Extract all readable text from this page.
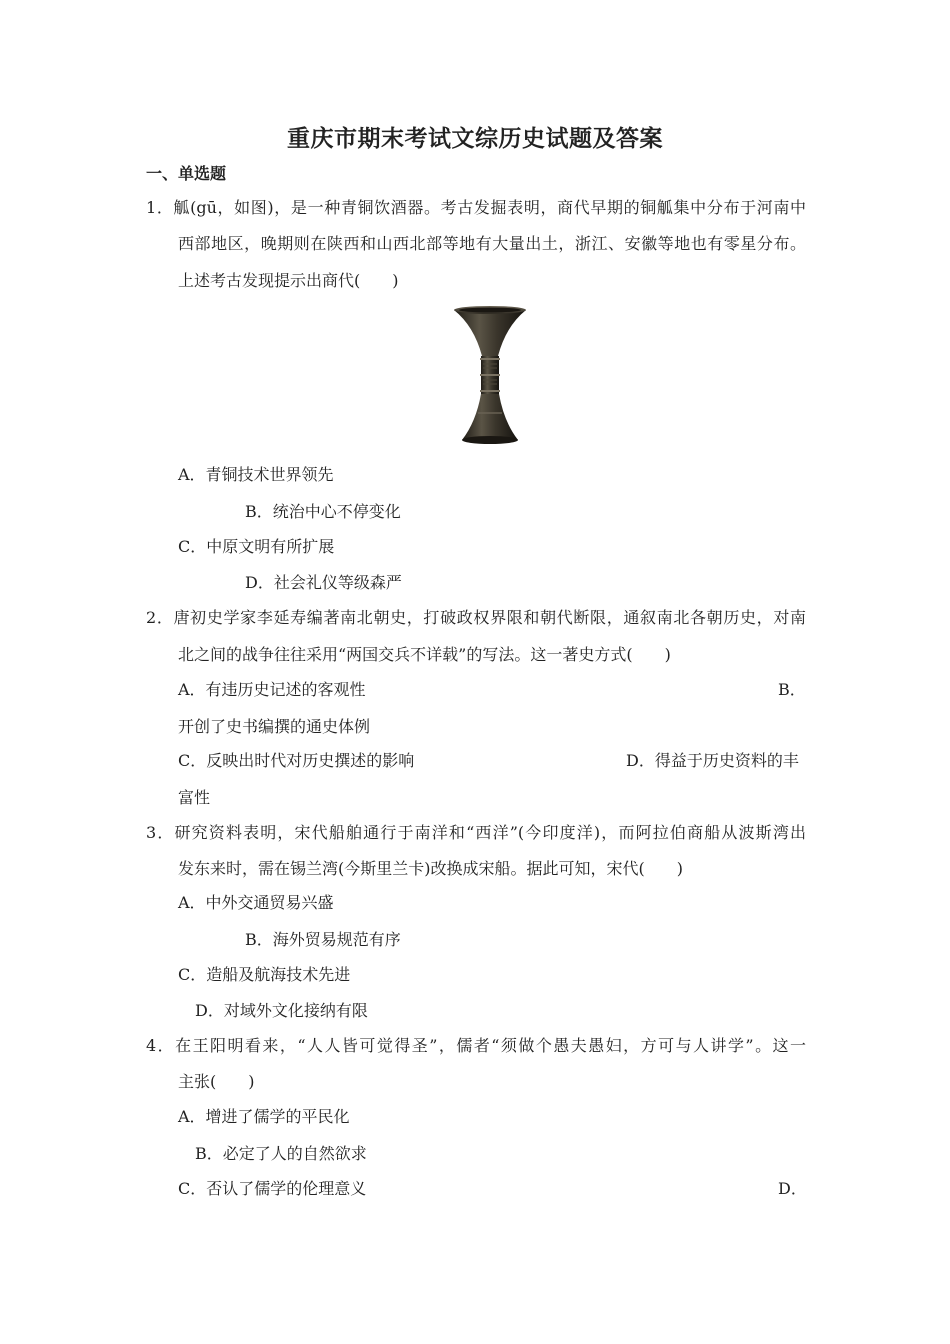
重庆市期末考试文综历史试题及答案
一、单选题
1．觚(gū，如图)，是一种青铜饮酒器。考古发掘表明，商代早期的铜觚集中分布于河南中
西部地区，晚期则在陕西和山西北部等地有大量出土，浙江、安徽等地也有零星分布。
上述考古发现提示出商代(　　)
A．青铜技术世界领先
B．统治中心不停变化
C．中原文明有所扩展
D．社会礼仪等级森严
2．唐初史学家李延寿编著南北朝史，打破政权界限和朝代断限，通叙南北各朝历史，对南
北之间的战争往往采用“两国交兵不详载”的写法。这一著史方式(　　)
A．有违历史记述的客观性	B．
开创了史书编撰的通史体例
C．反映出时代对历史撰述的影响	D．得益于历史资料的丰
富性
3．研究资料表明，宋代船舶通行于南洋和“西洋”(今印度洋)，而阿拉伯商船从波斯湾出
发东来时，需在锡兰湾(今斯里兰卡)改换成宋船。据此可知，宋代(　　)
A．中外交通贸易兴盛
B．海外贸易规范有序
C．造船及航海技术先进
D．对域外文化接纳有限
4．在王阳明看来，“人人皆可觉得圣”，儒者“须做个愚夫愚妇，方可与人讲学”。这一
主张(　　)
A．增进了儒学的平民化
B．必定了人的自然欲求
C．否认了儒学的伦理意义	D．
